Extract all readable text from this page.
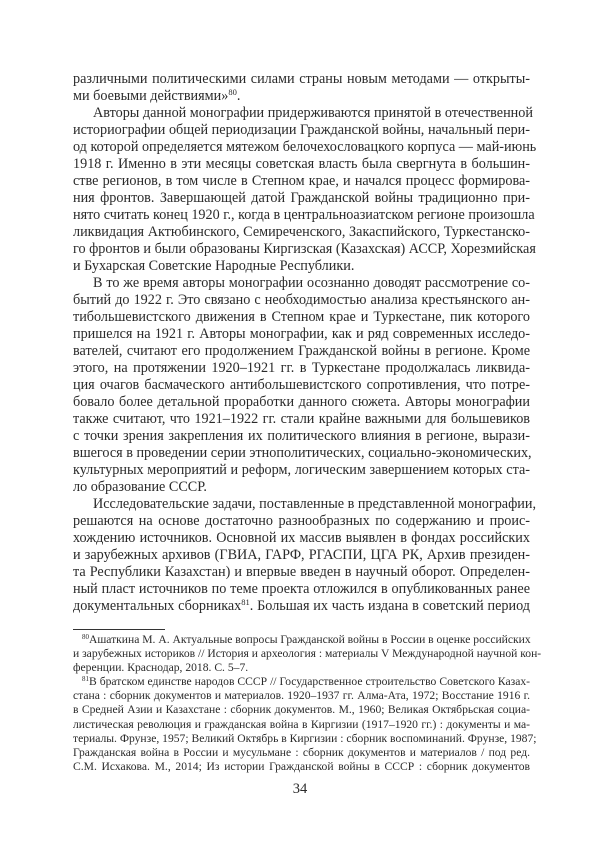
различными политическими силами страны новым методами — открыты-
ми боевыми действиями»$^{80}$.
Авторы данной монографии придерживаются принятой в отечественной
историографии общей периодизации Гражданской войны, начальный пери-
од которой определяется мятежом белочехословацкого корпуса — май-июнь
1918 г. Именно в эти месяцы советская власть была свергнута в большин-
стве регионов, в том числе в Степном крае, и начался процесс формирова-
ния фронтов. Завершающей датой Гражданской войны традиционно при-
нято считать конец 1920 г., когда в центральноазиатском регионе произошла
ликвидация Актюбинского, Семиреченского, Закаспийского, Туркестанско-
го фронтов и были образованы Киргизская (Казахская) АССР, Хорезмийская
и Бухарская Советские Народные Республики.
В то же время авторы монографии осознанно доводят рассмотрение со-
бытий до 1922 г. Это связано с необходимостью анализа крестьянского ан-
тибольшевистского движения в Степном крае и Туркестане, пик которого
пришелся на 1921 г. Авторы монографии, как и ряд современных исследо-
вателей, считают его продолжением Гражданской войны в регионе. Кроме
этого, на протяжении 1920–1921 гг. в Туркестане продолжалась ликвида-
ция очагов басмаческого антибольшевистского сопротивления, что потре-
бовало более детальной проработки данного сюжета. Авторы монографии
также считают, что 1921–1922 гг. стали крайне важными для большевиков
с точки зрения закрепления их политического влияния в регионе, вырази-
вшегося в проведении серии этнополитических, социально-экономических,
культурных мероприятий и реформ, логическим завершением которых ста-
ло образование СССР.
Исследовательские задачи, поставленные в представленной монографии,
решаются на основе достаточно разнообразных по содержанию и проис-
хождению источников. Основной их массив выявлен в фондах российских
и зарубежных архивов (ГВИА, ГАРФ, РГАСПИ, ЦГА РК, Архив президен-
та Республики Казахстан) и впервые введен в научный оборот. Определен-
ный пласт источников по теме проекта отложился в опубликованных ранее
документальных сборниках$^{81}$. Большая их часть издана в советский период
$^{80}$Ашаткина М. А. Актуальные вопросы Гражданской войны в России в оценке российских
и зарубежных историков // История и археология : материалы V Международной научной кон-
ференции. Краснодар, 2018. С. 5–7.
$^{81}$В братском единстве народов СССР // Государственное строительство Советского Казах-
стана : сборник документов и материалов. 1920–1937 гг. Алма-Ата, 1972; Восстание 1916 г.
в Средней Азии и Казахстане : сборник документов. М., 1960; Великая Октябрьская социа-
листическая революция и гражданская война в Киргизии (1917–1920 гг.) : документы и ма-
териалы. Фрунзе, 1957; Великий Октябрь в Киргизии : сборник воспоминаний. Фрунзе, 1987;
Гражданская война в России и мусульмане : сборник документов и материалов / под ред.
С.М. Исхакова. М., 2014; Из истории Гражданской войны в СССР : сборник документов
34
